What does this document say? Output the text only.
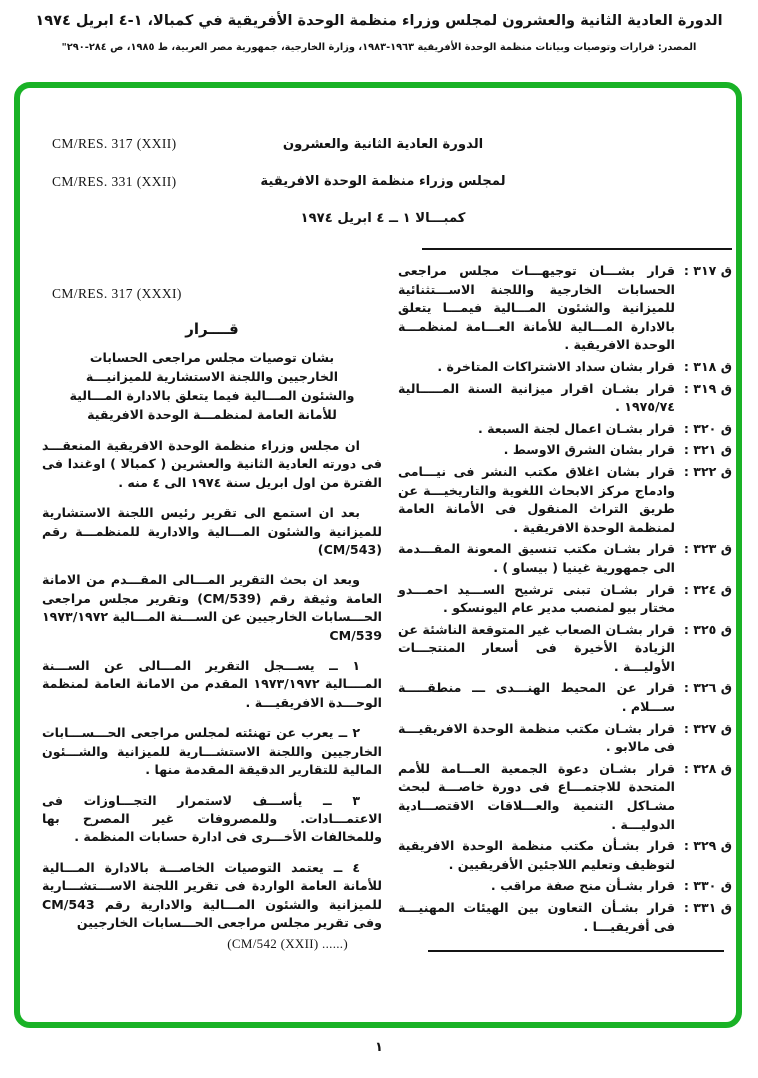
الدورة العادية الثانية والعشرون لمجلس وزراء منظمة الوحدة الأفريقية في كمبالا، ١-٤ ابريل ١٩٧٤
المصدر: قرارات وتوصيات وبيانات منظمة الوحدة الأفريقية ١٩٦٣-١٩٨٣، وزارة الخارجية، جمهورية مصر العربية، ط ١٩٨٥، ص ٢٨٤-٢٩٠"
CM/RES. 317 (XXII)
CM/RES. 331 (XXII)
الدورة العادية الثانية والعشرون
لمجلس وزراء منظمة الوحدة الافريقية
كمبـــالا ١ ــ ٤ ابريل ١٩٧٤
CM/RES. 317 (XXXI)
قــــرار
بشان توصيات مجلس مراجعى الحسابات
الخارجيين واللجنة الاستشارية للميزانيـــة
والشئون المـــالية فيما يتعلق بالادارة المـــالية
للأمانة العامة لمنظمـــة الوحدة الافريقية

ان مجلس وزراء منظمة الوحدة الافريقية المنعقـــد فى دورته العادية الثانية والعشرين ( كمبالا ) اوغندا فى الفترة من اول ابريل سنة ١٩٧٤ الى ٤ منه .

بعد ان استمع الى تقرير رئيس اللجنة الاستشارية للميزانية والشئون المـــالية والادارية للمنظمـــة رقم (CM/543)

وبعد ان بحث التقرير المـــالى المقـــدم من الامانة العامة وثيقة رقم (CM/539) وتقرير مجلس مراجعى الحـــسابات الخارجيين عن الســـنة المـــالية ١٩٧٣/١٩٧٢ CM/539

١ ــ يســـجل التقرير المـــالى عن الســـنة المــــالية ١٩٧٣/١٩٧٢ المقدم من الامانة العامة لمنظمة الوحـــدة الافريقيـــة .

٢ ــ يعرب عن تهنئته لمجلس مراجعى الحـــســـابات الخارجيين واللجنة الاستشـــارية للميزانية والشـــئون المالية للتقارير الدقيقة المقدمة منها .

٣ ــ يأســـف لاستمرار التجـــاوزات فى الاعتمـــادات. وللمصروفات غير المصرح بها وللمخالفات الأخـــرى فى ادارة حسابات المنظمة .

٤ ــ يعتمد التوصيات الخاصـــة بالادارة المـــالية للأمانة العامة الواردة فى تقرير اللجنة الاســـتشـــارية للميزانية والشئون المـــالية والادارية رقم CM/543 وفى تقرير مجلس مراجعى الحـــسابات الخارجيين

(CM/542 (XXII) ......)
ق ٣١٧ :
قرار بشـــان توجيهـــات مجلس مراجعى الحسابات الخارجية واللجنة الاســـتثنائية للميزانية والشئون المـــالية فيمـــا يتعلق بالادارة المـــالية للأمانة العـــامة لمنظمـــة الوحدة الافريقية .
ق ٣١٨ :
قرار بشان سداد الاشتراكات المتاخرة .
ق ٣١٩ :
قرار بشـان اقرار ميزانية السنة المـــــالية ١٩٧٥/٧٤ .
ق ٣٢٠ :
قرار بشـان اعمال لجنة السبعة .
ق ٣٢١ :
قرار بشان الشرق الاوسط .
ق ٣٢٢ :
قرار بشان اغلاق مكتب النشر فى نيـــامى وادماج مركز الابحاث اللغوية والتاريخيـــة عن طريق التراث المنقول فى الأمانة العامة لمنظمة الوحدة الافريقية .
ق ٣٢٣ :
قرار بشـان مكتب تنسيق المعونة المقـــدمة الى جمهورية غينيا ( بيساو ) .
ق ٣٢٤ :
قرار بشـان تبنى ترشيح الســـيد احمـــدو مختار بيو لمنصب مدير عام اليونسكو .
ق ٣٢٥ :
قرار بشـان الصعاب غير المتوقعة الناشئة عن الزيادة الأخيرة فى أسعار المنتجـــات الأوليـــة .
ق ٣٢٦ :
قرار عن المحيط الهنـــدى ـــ منطقـــــة ســـلام .
ق ٣٢٧ :
قرار بشـان مكتب منظمة الوحدة الافريقيـــة فى مالابو .
ق ٣٢٨ :
قرار بشـان دعوة الجمعية العـــامة للأمم المتحدة للاجتمـــاع فى دورة خاصـــة لبحث مشـاكل التنمية والعـــلاقات الاقتصـــادية الدوليـــة .
ق ٣٢٩ :
قرار بشـأن مكتب منظمة الوحدة الافريقية لتوظيف وتعليم اللاجئين الأفريقيين .
ق ٣٣٠ :
قرار بشـأن منح صفة مراقب .
ق ٣٣١ :
قرار بشـأن التعاون بين الهيئات المهنيـــة فى أفريقيـــا .
١
